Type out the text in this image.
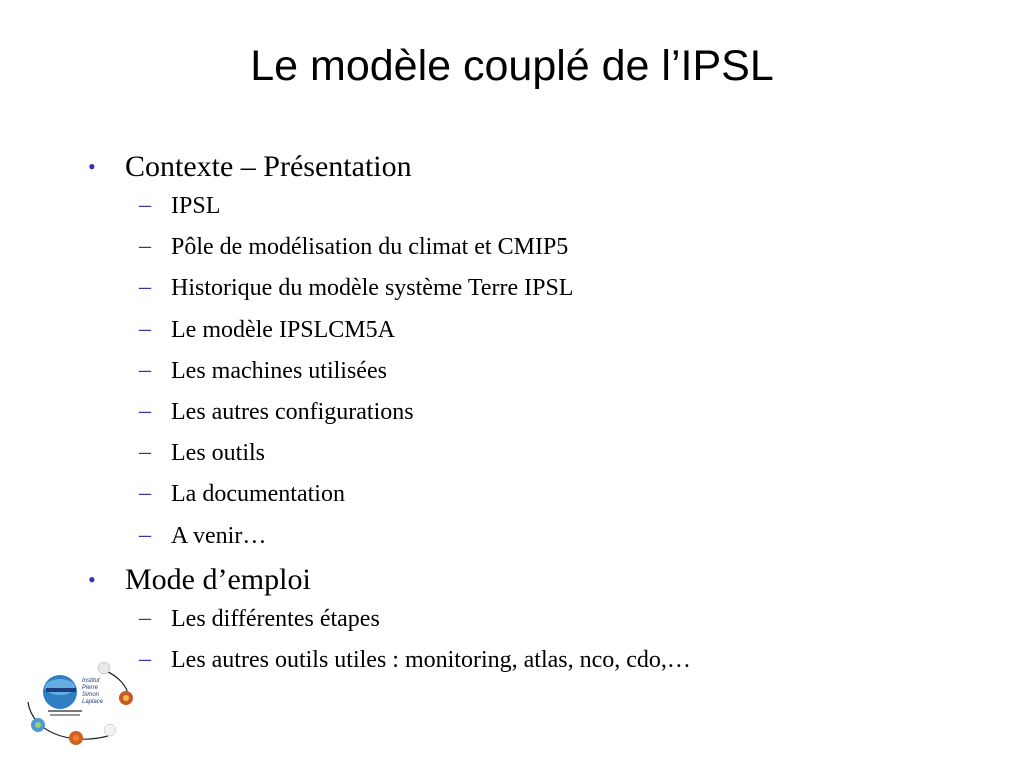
Le modèle couplé de l’IPSL
• Contexte – Présentation
– IPSL
– Pôle de modélisation du climat et CMIP5
– Historique du modèle système Terre IPSL
– Le modèle IPSLCM5A
– Les machines utilisées
– Les autres configurations
– Les outils
– La documentation
– A venir…
• Mode d’emploi
– Les différentes étapes
– Les autres outils utiles : monitoring, atlas, nco, cdo,…
Institut
Pierre
Simon
Laplace
